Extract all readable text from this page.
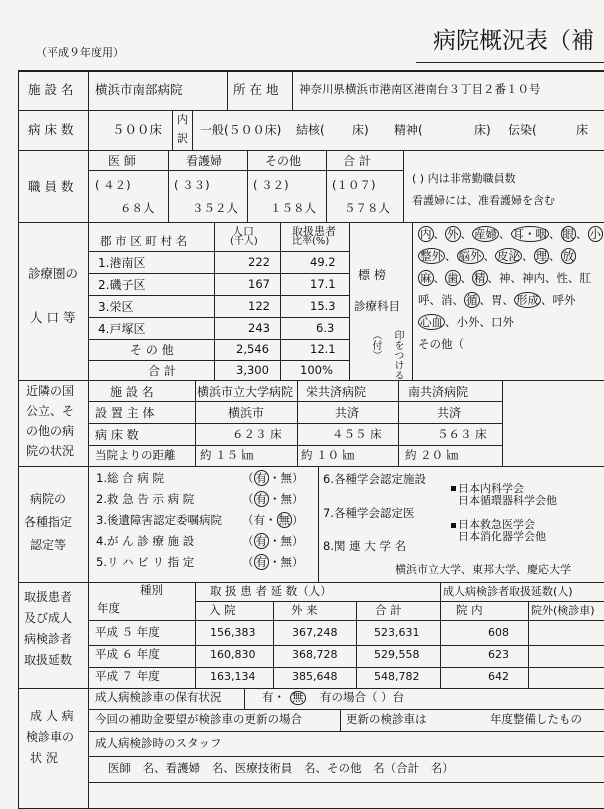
（平成９年度用）	病院概況表（補
施 設 名 横浜市南部病院	所 在 地 神奈川県横浜市港南区港南台３丁目２番１０号
病 床 数	５００床
内
訳
一般(５００床) 結核( 床) 精神(	床) 伝染(	床
職 員 数
医 師	看護婦	その他	合 計
( ４２)	( ３３)	( ３２)	(１０７)
６８人	３５２人	１５８人 ５７８人
( ) 内は非常勤職員数
看護婦には、准看護婦を含む
診療圏の
人 口 等
郡 市 区 町 村 名
人口
(千人)
取扱患者
比率(%)
1.港南区	222	49.2
2.磯子区	167	17.1
3.栄区	122	15.3
4.戸塚区	243	6.3
そ の 他	2,546	12.1
合 計	3,300	100%
標 榜
診療科目
印をつける
（付）
内 、 外 、 産婦 、 耳・咽 、 眼 、 小
整外 、 脳外 、 皮泌 、 理 、 放
麻 、 歯 、 精 、神、神内、性、肛
呼、消、 循 、胃、 形成 、呼外
心血 、小外、口外
その他（
近隣の国
公立、そ
の他の病
院の状況
施 設 名	横浜市立大学病院 栄共済病院	南共済病院
設 置 主 体	横浜市	共済	共済
病 床 数	６２３ 床	４５５ 床	５６３ 床
当院よりの距離 約 １５ ㎞	約 １０ ㎞	約 ２０ ㎞
病院の
各種指定
認定等
1.総 合 病 院	（ 有 ・無）
2.救 急 告 示 病 院	（ 有 ・無）
3.後遺障害認定委嘱病院 （有・ 無 ）
4.が ん 診 療 施 設	（ 有 ・無）
5.リ ハ ビ リ 指 定	（ 有 ・無）
6.各種学会認定施設
7.各種学会認定医
8.関 連 大 学 名
日本内科学会
日本循環器科学会他
日本救急医学会
日本消化器学会他
横浜市立大学、東邦大学、慶応大学
取扱患者
及び成人
病検診者
取扱延数
種別
年度
取 扱 患 者 延 数（人）
入 院	外 来	合 計
成人病検診者取扱延数(人)
院 内	院外(検診車)
平成 ５ 年度	156,383	367,248	523,631	608
平成 ６ 年度	160,830	368,728	529,558	623
平成 ７ 年度	163,134	385,648	548,782	642
成 人 病
検診車の
状 況
成人病検診車の保有状況	有・ 無 有の場合（ ）台
今回の補助金要望が検診車の更新の場合	更新の検診車は	年度整備したもの
成人病検診時のスタッフ
医師 名、看護婦 名、医療技術員 名、その他 名（合計 名）
